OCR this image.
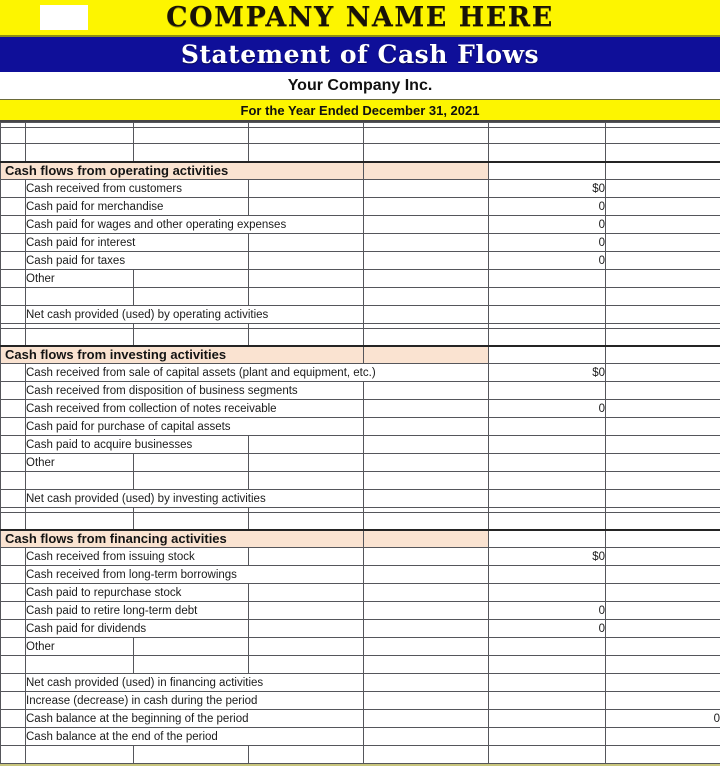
COMPANY NAME HERE
Statement of Cash Flows
Your Company Inc.
For the Year Ended December 31, 2021

Cash flows from operating activities						
	Cash received from customers				$0	
	Cash paid for merchandise				0	
	Cash paid for wages and other operating expenses				0	
	Cash paid for interest				0	
	Cash paid for taxes				0	
	Other					

	Net cash provided (used) by operating activities					

Cash flows from investing activities						
	Cash received from sale of capital assets (plant and equipment, etc.)				$0	
	Cash received from disposition of business segments					
	Cash received from collection of notes receivable				0	
	Cash paid for purchase of capital assets					
	Cash paid to acquire businesses					
	Other					

	Net cash provided (used) by investing activities					

Cash flows from financing activities						
	Cash received from issuing stock				$0	
	Cash received from long-term borrowings					
	Cash paid to repurchase stock					
	Cash paid to retire long-term debt				0	
	Cash paid for dividends				0	
	Other					

	Net cash provided (used) in financing activities					
	Increase (decrease) in cash during the period					
	Cash balance at the beginning of the period					0
	Cash balance at the end of the period					
